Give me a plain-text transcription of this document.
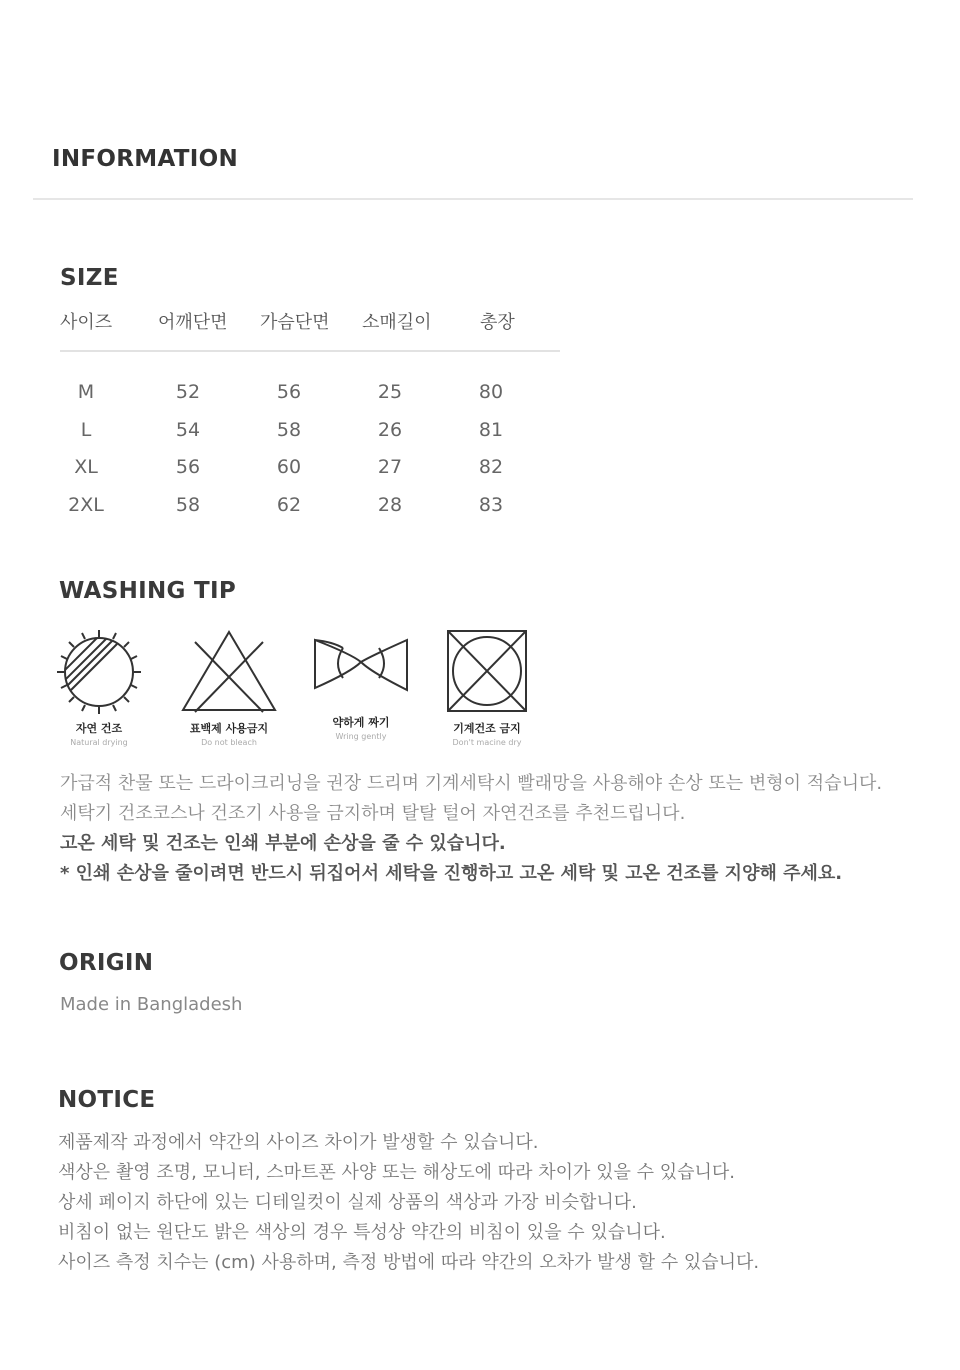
INFORMATION
SIZE
사이즈	어깨단면	가슴단면	소매길이	총장
M	52	56	25	80
L	54	58	26	81
XL	56	60	27	82
2XL	58	62	28	83
WASHING TIP
자연 건조
Natural drying
표백제 사용금지
Do not bleach
약하게 짜기
Wring gently
기계건조 금지
Don't macine dry
가급적 찬물 또는 드라이크리닝을 권장 드리며 기계세탁시 빨래망을 사용해야 손상 또는 변형이 적습니다.
세탁기 건조코스나 건조기 사용을 금지하며 탈탈 털어 자연건조를 추천드립니다.
고온 세탁 및 건조는 인쇄 부분에 손상을 줄 수 있습니다.
* 인쇄 손상을 줄이려면 반드시 뒤집어서 세탁을 진행하고 고온 세탁 및 고온 건조를 지양해 주세요.
ORIGIN
Made in Bangladesh
NOTICE
제품제작 과정에서 약간의 사이즈 차이가 발생할 수 있습니다.
색상은 촬영 조명, 모니터, 스마트폰 사양 또는 해상도에 따라 차이가 있을 수 있습니다.
상세 페이지 하단에 있는 디테일컷이 실제 상품의 색상과 가장 비슷합니다.
비침이 없는 원단도 밝은 색상의 경우 특성상 약간의 비침이 있을 수 있습니다.
사이즈 측정 치수는 (cm) 사용하며, 측정 방법에 따라 약간의 오차가 발생 할 수 있습니다.
